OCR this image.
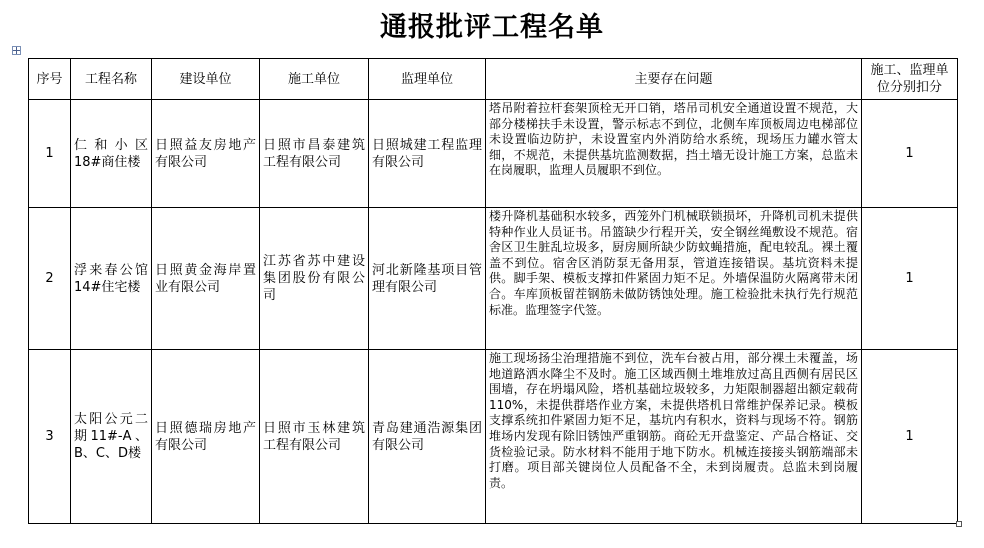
通报批评工程名单
序号	工程名称	建设单位	施工单位	监理单位	主要存在问题	施工、监理单位分别扣分
1	仁和小区18#商住楼	日照益友房地产有限公司	日照市昌泰建筑工程有限公司	日照城建工程监理有限公司	塔吊附着拉杆套架顶栓无开口销，塔吊司机安全通道设置不规范，大部分楼梯扶手未设置，警示标志不到位，北侧车库顶板周边电梯部位未设置临边防护，未设置室内外消防给水系统，现场压力罐水管太细，不规范，未提供基坑监测数据，挡土墙无设计施工方案，总监未在岗履职，监理人员履职不到位。	1
2	浮来春公馆14#住宅楼	日照黄金海岸置业有限公司	江苏省苏中建设集团股份有限公司	河北新隆基项目管理有限公司	楼升降机基础积水较多，西笼外门机械联锁损坏，升降机司机未提供特种作业人员证书。吊篮缺少行程开关，安全钢丝绳敷设不规范。宿舍区卫生脏乱垃圾多，厨房厕所缺少防蚊蝇措施，配电较乱。裸土覆盖不到位。宿舍区消防泵无备用泵，管道连接错误。基坑资料未提供。脚手架、模板支撑扣件紧固力矩不足。外墙保温防火隔离带未闭合。车库顶板留茬钢筋未做防锈蚀处理。施工检验批未执行先行规范标准。监理签字代签。	1
3	太阳公元二期11#-A、B、C、D楼	日照德瑞房地产有限公司	日照市玉林建筑工程有限公司	青岛建通浩源集团有限公司	施工现场扬尘治理措施不到位，洗车台被占用，部分裸土未覆盖，场地道路洒水降尘不及时。施工区域西侧土堆堆放过高且西侧有居民区围墙，存在坍塌风险，塔机基础垃圾较多，力矩限制器超出额定载荷110%，未提供群塔作业方案，未提供塔机日常维护保养记录。模板支撑系统扣件紧固力矩不足，基坑内有积水，资料与现场不符。钢筋堆场内发现有除旧锈蚀严重钢筋。商砼无开盘鉴定、产品合格证、交货检验记录。防水材料不能用于地下防水。机械连接接头钢筋端部未打磨。项目部关键岗位人员配备不全，未到岗履责。总监未到岗履责。	1
